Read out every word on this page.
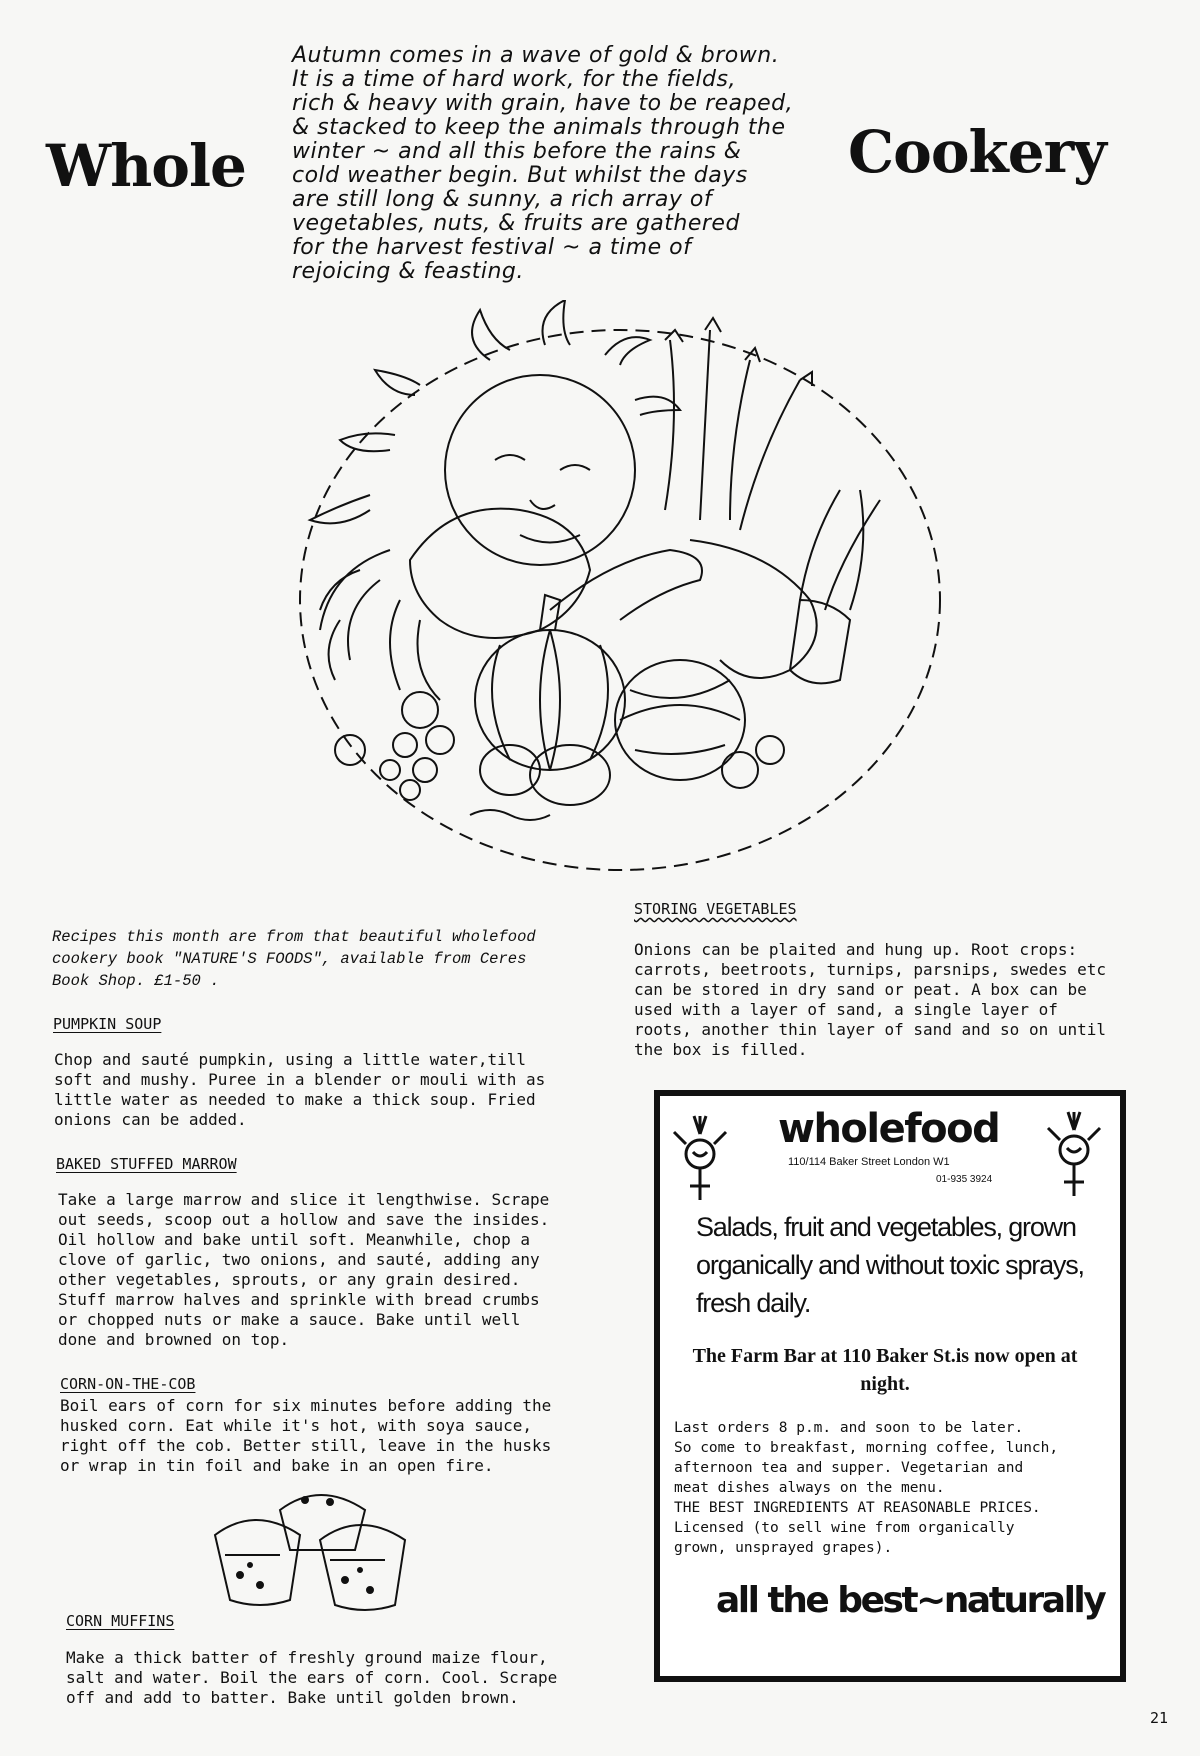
Whole	Cookery
Autumn comes in a wave of gold & brown.
It is a time of hard work, for the fields,
rich & heavy with grain, have to be reaped,
& stacked to keep the animals through the
winter ~ and all this before the rains &
cold weather begin. But whilst the days
are still long & sunny, a rich array of
vegetables, nuts, & fruits are gathered
for the harvest festival ~ a time of
rejoicing & feasting.
Recipes this month are from that beautiful wholefood
cookery book "NATURE'S FOODS", available from Ceres
Book Shop. £1-50 .
PUMPKIN SOUP
Chop and sauté pumpkin, using a little water,till
soft and mushy. Puree in a blender or mouli with as
little water as needed to make a thick soup. Fried
onions can be added.
BAKED STUFFED MARROW
Take a large marrow and slice it lengthwise. Scrape
out seeds, scoop out a hollow and save the insides.
Oil hollow and bake until soft. Meanwhile, chop a
clove of garlic, two onions, and sauté, adding any
other vegetables, sprouts, or any grain desired.
Stuff marrow halves and sprinkle with bread crumbs
or chopped nuts or make a sauce. Bake until well
done and browned on top.
CORN-ON-THE-COB
Boil ears of corn for six minutes before adding the
husked corn. Eat while it's hot, with soya sauce,
right off the cob. Better still, leave in the husks
or wrap in tin foil and bake in an open fire.
CORN MUFFINS
Make a thick batter of freshly ground maize flour,
salt and water. Boil the ears of corn. Cool. Scrape
off and add to batter. Bake until golden brown.
STORING VEGETABLES
Onions can be plaited and hung up. Root crops:
carrots, beetroots, turnips, parsnips, swedes etc
can be stored in dry sand or peat. A box can be
used with a layer of sand, a single layer of
roots, another thin layer of sand and so on until
the box is filled.
wholefood
110/114 Baker Street London W1
01-935 3924
Salads, fruit and vegetables, grown
organically and without toxic sprays,
fresh daily.
The Farm Bar at 110 Baker St.is now open at night.
Last orders 8 p.m. and soon to be later.
So come to breakfast, morning coffee, lunch,
afternoon tea and supper. Vegetarian and
meat dishes always on the menu.
THE BEST INGREDIENTS AT REASONABLE PRICES.
Licensed (to sell wine from organically
grown, unsprayed grapes).
all the best~naturally
21
